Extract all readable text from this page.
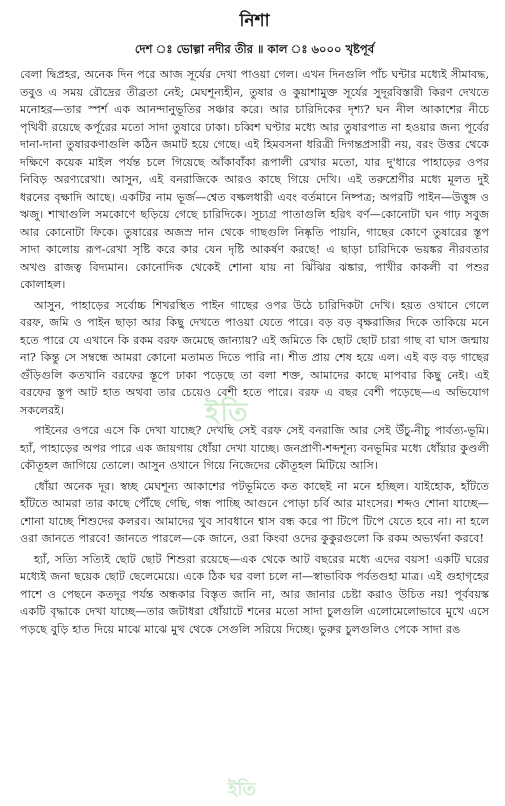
নিশা
দেশ ঃ ভোল্গা নদীর তীর ॥ কাল ঃ ৬০০০ খৃষ্টপূর্ব

বেলা দ্বিপ্রহর, অনেক দিন পরে আজ সূর্যের দেখা পাওয়া গেল। এখন দিনগুলি পাঁচ ঘন্টার মধ্যেই সীমাবদ্ধ, তবুও এ সময় রৌদ্রের তীব্রতা নেই; মেঘশূন্যহীন, তুষার ও কুয়াশামুক্ত সূর্যের সুদূরবিস্তারী কিরণ দেখতে মনোহর—তার স্পর্শ এক আনন্দানুভূতির সঞ্চার করে। আর চারিদিকের দৃশ্য? ঘন নীল আকাশের নীচে পৃথিবী রয়েছে কর্পূরের মতো সাদা তুষারে ঢাকা। চব্বিশ ঘণ্টার মধ্যে আর তুষারপাত না হওয়ার জন্য পূর্বের দানা-দানা তুষারকণাগুলি কঠিন জমাট হয়ে গেছে। এই হিমবসনা ধরিত্রী দিগন্তপ্রসারী নয়, বরং উত্তর থেকে দক্ষিণে কয়েক মাইল পর্যন্ত চলে গিয়েছে আঁকাবাঁকা রূপালী রেখার মতো, যার দু'ধারে পাহাড়ের ওপর নিবিড় অরণ্যরেখা। আসুন, এই বনরাজিকে আরও কাছে গিয়ে দেখি। এই তরুশ্রেণীর মধ্যে মূলত দুই ধরনের বৃক্ষাদি আছে। একটির নাম ভূর্জ—শ্বেত বল্কলধারী এবং বর্তমানে নিষ্পত্র; অপরটি পাইন—উত্তুঙ্গ ও ঋজু। শাখাগুলি সমকোণে ছড়িয়ে গেছে চারিদিকে। সূচ্যগ্র পাতাগুলি হরিৎ বর্ণ—কোনোটা ঘন গাঢ় সবুজ আর কোনোটা ফিকে। তুষারের অজস্র দান থেকে গাছগুলি নিষ্কৃতি পায়নি, গাছের কোণে তুষারের স্তূপ সাদা কালোয় রূপ-রেখা সৃষ্টি করে কার যেন দৃষ্টি আকর্ষণ করছে! এ ছাড়া চারিদিকে ভয়ঙ্কর নীরবতার অখণ্ড রাজত্ব বিদ্যমান। কোনোদিক থেকেই শোনা যায় না ঝিঁঝির ঝঙ্কার, পাখীর কাকলী বা পশুর কোলাহল।

আসুন, পাহাড়ের সর্বোচ্চ শিখরস্থিত পাইন গাছের ওপর উঠে চারিদিকটা দেখি। হয়ত ওখানে গেলে বরফ, জমি ও পাইন ছাড়া আর কিছু দেখতে পাওয়া যেতে পারে। বড় বড় বৃক্ষরাজির দিকে তাকিয়ে মনে হতে পারে যে এখানে কি রকম বরফ জমেছে জান্যায়? এই জমিতে কি ছোট ছোট চারা গাছ বা ঘাস জন্মায় না? কিন্তু সে সম্বন্ধে আমরা কোনো মতামত দিতে পারি না। শীত প্রায় শেষ হয়ে এল। এই বড় বড় গাছের গুঁড়িগুলি কতখানি বরফের স্তূপে ঢাকা পড়েছে তা বলা শক্ত, আমাদের কাছে মাপবার কিছু নেই। এই বরফের স্তূপ আট হাত অথবা তার চেয়েও বেশী হতে পারে। বরফ এ বছর বেশী পড়েছে—এ অভিযোগ সকলেরই।

পাইনের ওপরে এসে কি দেখা যাচ্ছে? দেখছি সেই বরফ সেই বনরাজি আর সেই উঁচু-নীচু পার্বত্য-ভূমি। হ্যাঁ, পাহাড়ের অপর পারে এক জায়গায় ধোঁয়া দেখা যাচ্ছে। জনপ্রাণী-শব্দশূন্য বনভূমির মধ্যে ধোঁয়ার কুণ্ডলী কৌতূহল জাগিয়ে তোলে। আসুন ওখানে গিয়ে নিজেদের কৌতূহল মিটিয়ে আসি।

ধোঁয়া অনেক দূর। স্বচ্ছ মেঘশূন্য আকাশের পটভূমিতে কত কাছেই না মনে হচ্ছিল। যাইহোক, হাঁটতে হাঁটতে আমরা তার কাছে পৌঁছে গেছি, গন্ধ পাচ্ছি আগুনে পোড়া চর্বি আর মাংসের। শব্দও শোনা যাচ্ছে—শোনা যাচ্ছে শিশুদের কলরব। আমাদের খুব সাবধানে শ্বাস বন্ধ করে পা টিপে টিপে যেতে হবে না। না হলে ওরা জানতে পারবে! জানতে পারলে—কে জানে, ওরা কিংবা ওদের কুকুরগুলো কি রকম অভ্যর্থনা করবে!

হ্যাঁ, সত্যি সত্যিই ছোট ছোট শিশুরা রয়েছে—এক থেকে আট বছরের মধ্যে এদের বয়স! একটি ঘরের মধ্যেই জনা ছয়েক ছোট ছেলেমেয়ে। একে ঠিক ঘর বলা চলে না—স্বাভাবিক পর্বতগুহা মাত্র। এই গুহাগৃহের পাশে ও পেছনে কতদূর পর্যন্ত অন্ধকার বিস্তৃত জানি না, আর জানার চেষ্টা করাও উচিত নয়! পূর্ববয়স্ক একটি বৃদ্ধাকে দেখা যাচ্ছে—তার জটাধরা ধোঁয়াটে শনের মতো সাদা চুলগুলি এলোমেলোভাবে মুখে এসে পড়ছে বুড়ি হাত দিয়ে মাঝে মাঝে মুখ থেকে সেগুলি সরিয়ে দিচ্ছে। ভুরুর চুলগুলিও পেকে সাদা রঙ

ইতি
ইতি
